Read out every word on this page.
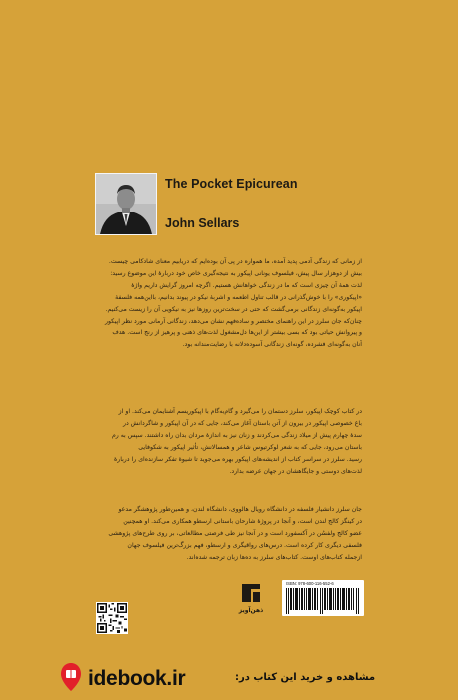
The Pocket Epicurean
John Sellars
از زمانی که زندگی آدمی پدید آمده، ما همواره در پی آن بوده‌ایم که دریابیم معنای شادکامی چیست.
بیش از دوهزار سال پیش، فیلسوف یونانی اپیکور به نتیجه‌گیری خاص خود دربارهٔ این موضوع رسید:
لذت همهٔ آن چیزی است که ما در زندگی خواهانش هستیم. اگرچه امروز گرایش داریم واژهٔ
«اپیکوری» را با خوش‌گذرانی در قالب تناول اطعمه و اشربهٔ نیکو در پیوند بدانیم، بااین‌همه فلسفهٔ
اپیکور به‌گونه‌ای زندگانی برمی‌گشت که حتی در سخت‌ترین روزها نیز به نیکویی آن را زیست می‌کنیم.
چنان‌که جان سلرز در این راهنمای مختصر و ساده‌فهم نشان می‌دهد، زندگانی آرمانی مورد نظر اپیکور
و پیروانش حیاتی بود که بسی بیشتر از این‌ها دل‌مشغول لذت‌های ذهنی و پرهیز از رنج است. هدف
آنان به‌گونه‌ای فشرده، گونه‌ای زندگانی آسوده‌دلانه با رضایت‌مندانه بود.
در کتاب کوچک اپیکور، سلرز دستمان را می‌گیرد و گام‌به‌گام با اپیکوریسم آشنایمان می‌کند. او از
باغ خصوصی اپیکور در بیرون از آتن باستان آغاز می‌کند، جایی که در آن اپیکور و شاگردانش در
سدهٔ چهارم پیش از میلاد زندگی می‌کردند و زنان نیز به اندازهٔ مردان بدان راه داشتند. سپس به رم
باستان می‌رود، جایی که به شعر لوکرتیوس شاعر و همسالانش، تأثیر اپیکور به شکوفایی
رسید. سلرز در سراسر کتاب از اندیشه‌های اپیکور بهره می‌جوید تا شیوهٔ تفکر سازنده‌ای را دربارهٔ
لذت‌های دوستی و جایگاهشان در جهان عرضه بدارد.
جان سلرز دانشیار فلسفه در دانشگاه رویال هالووی، دانشگاه لندن، و همین‌طور پژوهشگر مدعو
در کینگز کالج لندن است، و آنجا در پروژهٔ شارحان باستانی ارسطو همکاری می‌کند. او همچنین
عضو کالج ولفسُن در آکسفورد است و در آنجا نیز طی فرصتی مطالعاتی، بر روی طرح‌های پژوهشی
فلسفی دیگری کار کرده است. درس‌های رواقیگری و ارسطو، فهم بزرگ‌ترین فیلسوف جهان
ازجمله کتاب‌های اوست. کتاب‌های سلرز به ده‌ها زبان ترجمه شده‌اند.
ISBN: 978-600-116-552-6
ذهن‌آویز
idebook.ir	مشاهده و خرید این کتاب در:
